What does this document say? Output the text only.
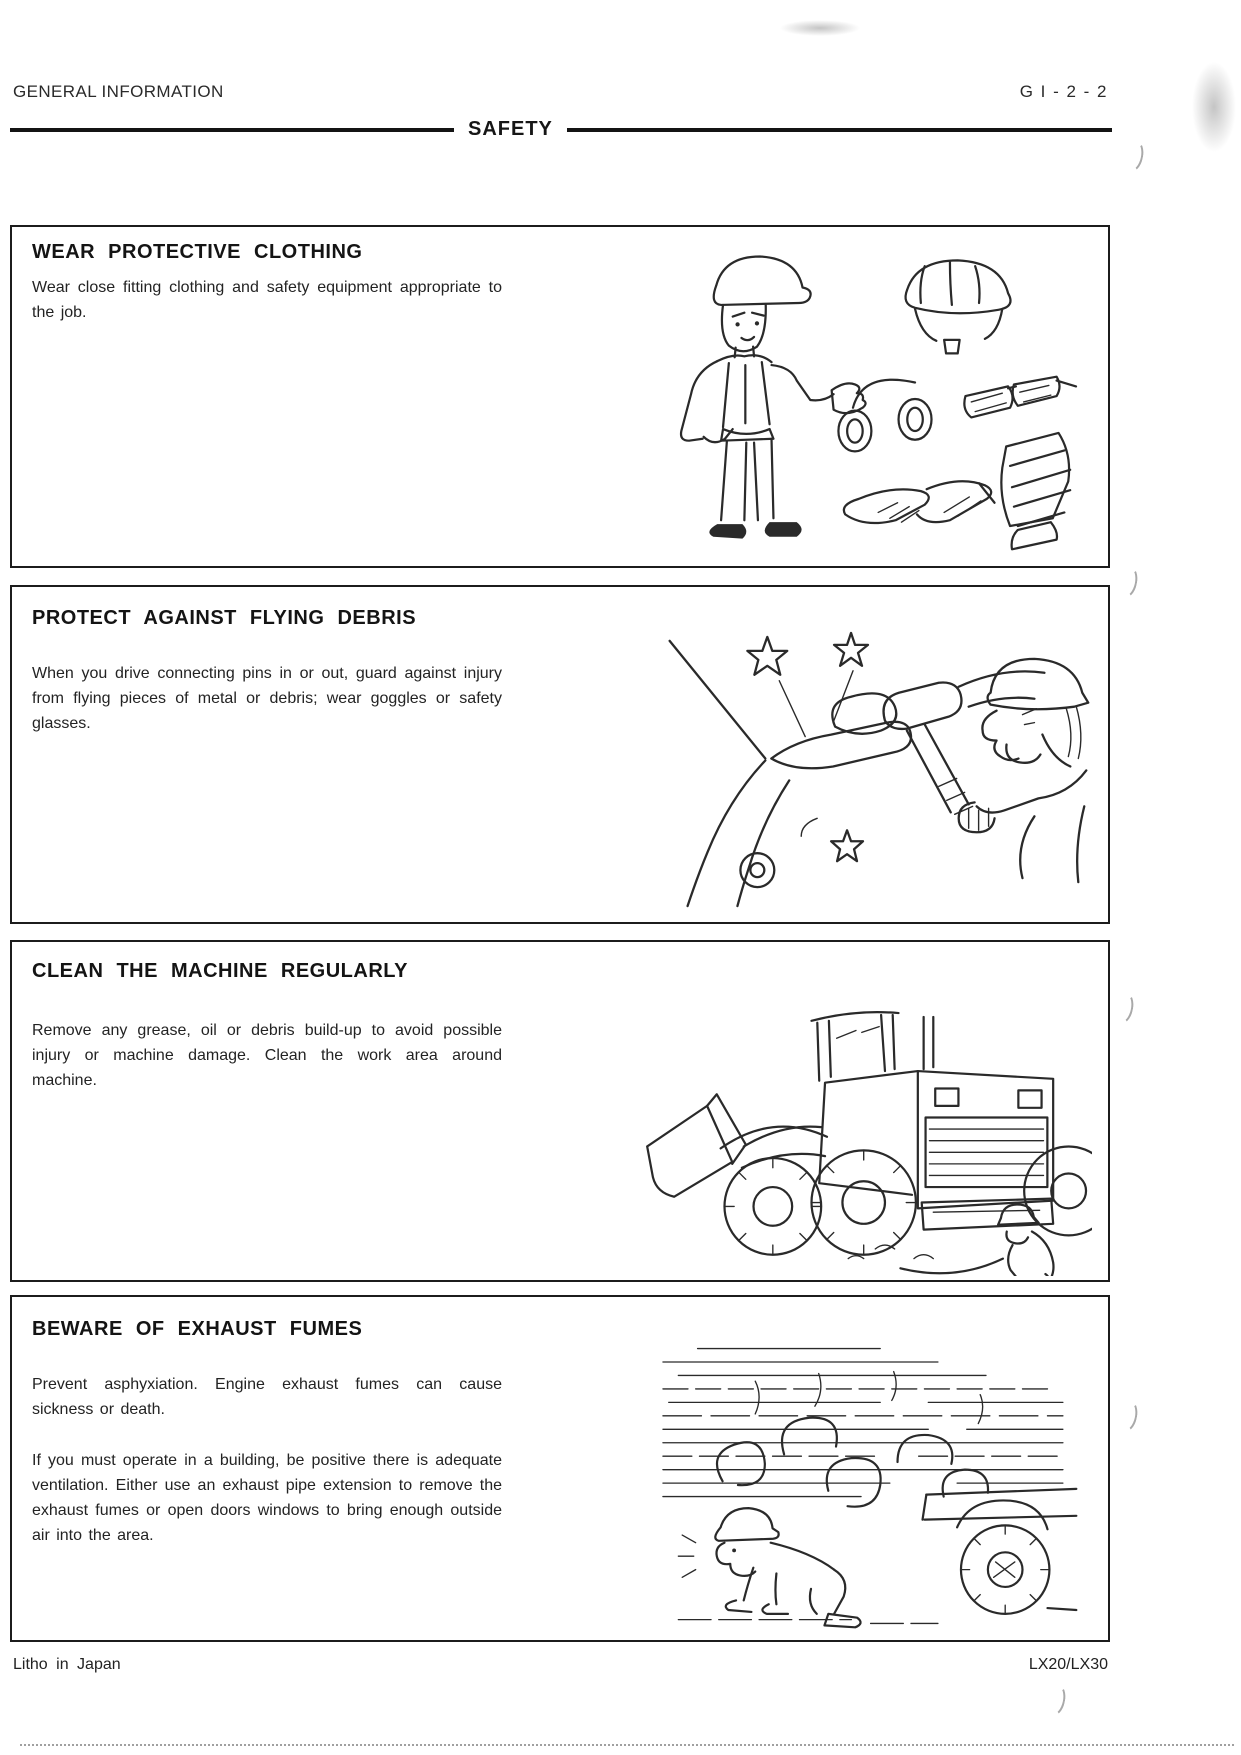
GENERAL INFORMATION	G I - 2 - 2
SAFETY
WEAR PROTECTIVE CLOTHING

Wear close fitting clothing and safety equipment appropriate to the job.

PROTECT AGAINST FLYING DEBRIS

When you drive connecting pins in or out, guard against injury from flying pieces of metal or debris; wear goggles or safety glasses.

CLEAN THE MACHINE REGULARLY

Remove any grease, oil or debris build-up to avoid possible injury or machine damage. Clean the work area around machine.

BEWARE OF EXHAUST FUMES

Prevent asphyxiation. Engine exhaust fumes can cause sickness or death.

If you must operate in a building, be positive there is adequate ventilation. Either use an exhaust pipe extension to remove the exhaust fumes or open doors windows to bring enough outside air into the area.

Litho in Japan	LX20/LX30
